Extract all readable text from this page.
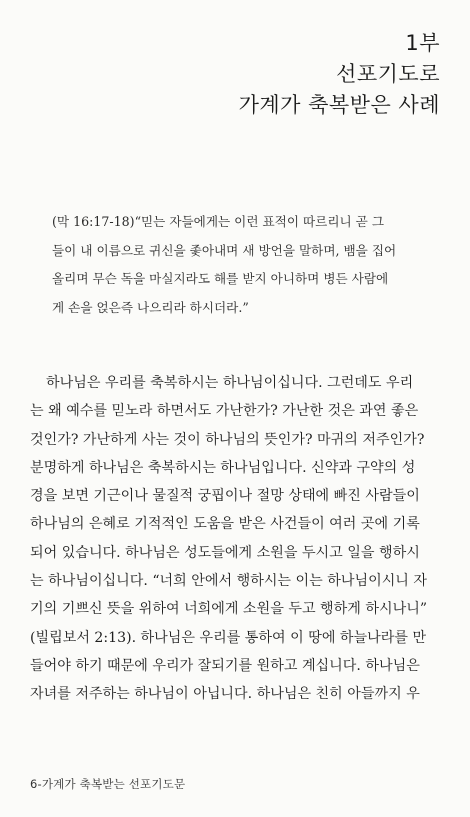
1부
선포기도로
가계가 축복받은 사례
(막 16:17-18)“믿는 자들에게는 이런 표적이 따르리니 곧 그
들이 내 이름으로 귀신을 좇아내며 새 방언을 말하며, 뱀을 집어
올리며 무슨 독을 마실지라도 해를 받지 아니하며 병든 사람에
게 손을 얹은즉 나으리라 하시더라.”
하나님은 우리를 축복하시는 하나님이십니다. 그런데도 우리
는 왜 예수를 믿노라 하면서도 가난한가? 가난한 것은 과연 좋은
것인가? 가난하게 사는 것이 하나님의 뜻인가? 마귀의 저주인가?
분명하게 하나님은 축복하시는 하나님입니다. 신약과 구약의 성
경을 보면 기근이나 물질적 궁핍이나 절망 상태에 빠진 사람들이
하나님의 은혜로 기적적인 도움을 받은 사건들이 여러 곳에 기록
되어 있습니다. 하나님은 성도들에게 소원을 두시고 일을 행하시
는 하나님이십니다. “너희 안에서 행하시는 이는 하나님이시니 자
기의 기쁘신 뜻을 위하여 너희에게 소원을 두고 행하게 하시나니”
(빌립보서 2:13). 하나님은 우리를 통하여 이 땅에 하늘나라를 만
들어야 하기 때문에 우리가 잘되기를 원하고 계십니다. 하나님은
자녀를 저주하는 하나님이 아닙니다. 하나님은 친히 아들까지 우
6-가계가 축복받는 선포기도문
